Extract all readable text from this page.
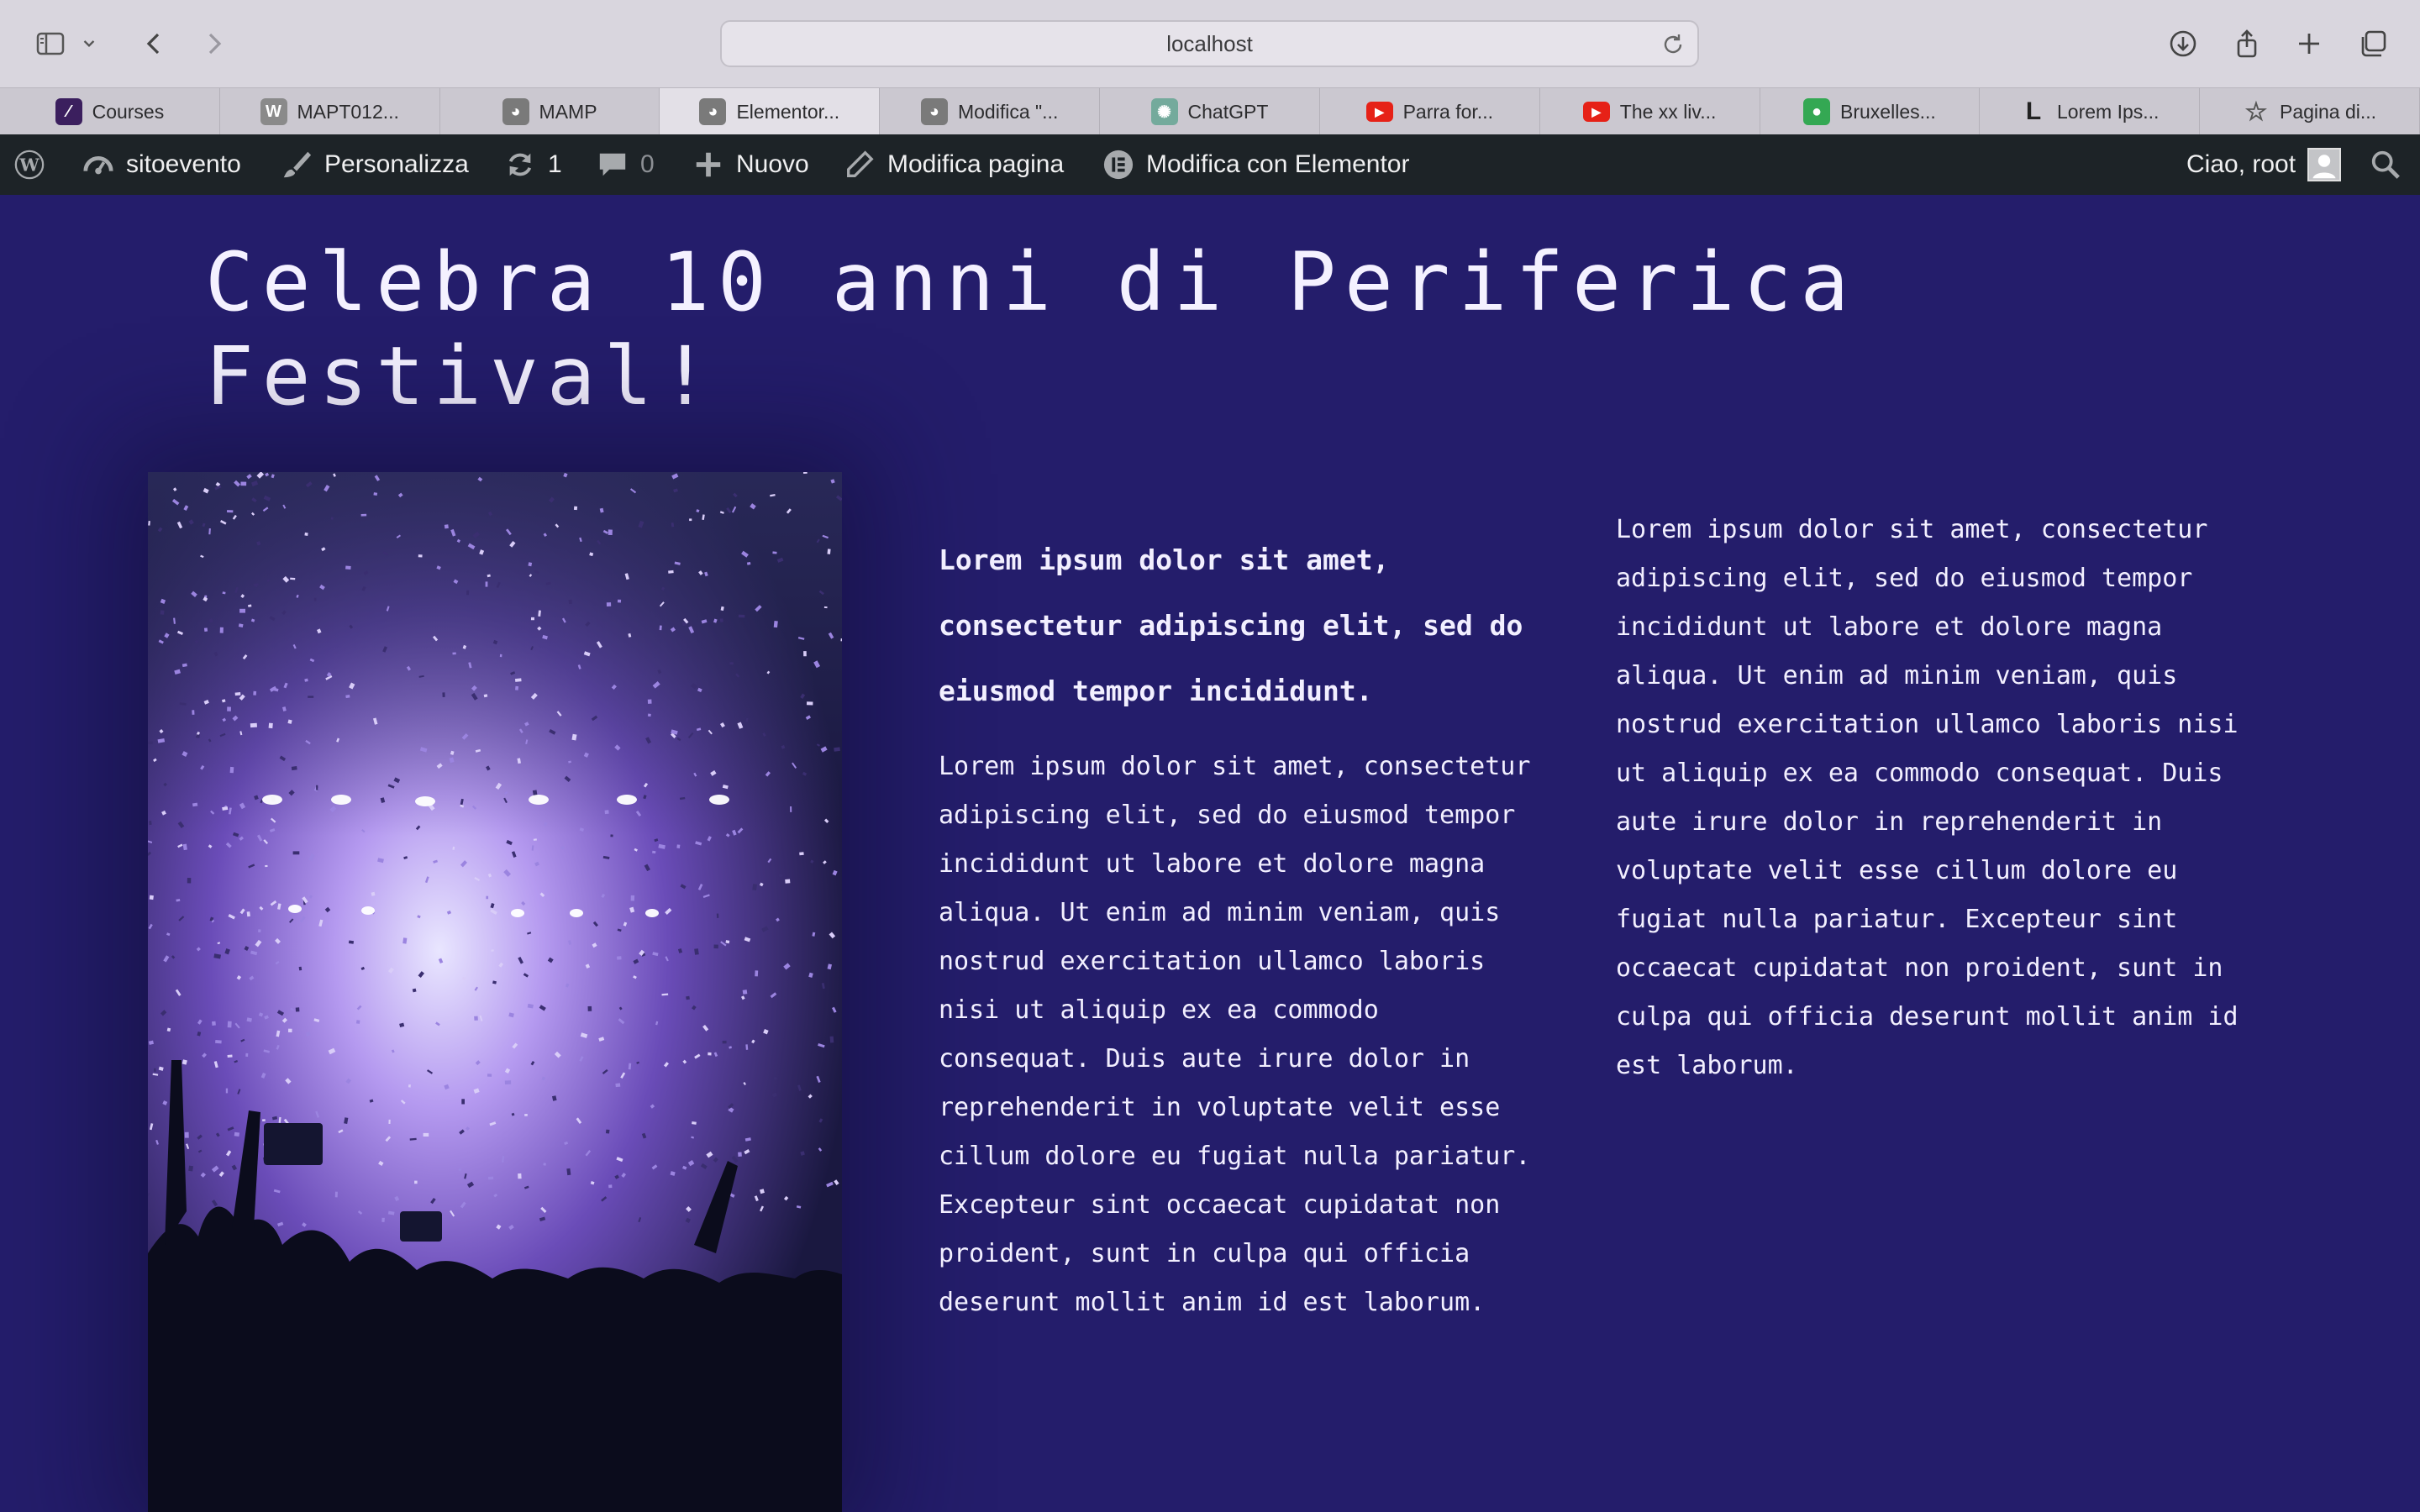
localhost
⁄	Courses	W MAPT012...	◕ MAMP	◕ Elementor...	◕ Modifica "...	✺ ChatGPT	▶ Parra for...	▶ The xx liv...	● Bruxelles...	L Lorem Ips...	☆ Pagina di...
W	sitoevento	Personalizza	1	0	Nuovo	Modifica pagina	Modifica con Elementor	Ciao, root
Celebra 10 anni di Periferica
Festival!

Lorem ipsum dolor sit amet, consectetur adipiscing elit, sed do eiusmod tempor incididunt.

Lorem ipsum dolor sit amet, consectetur adipiscing elit, sed do eiusmod tempor incididunt ut labore et dolore magna aliqua. Ut enim ad minim veniam, quis nostrud exercitation ullamco laboris nisi ut aliquip ex ea commodo consequat. Duis aute irure dolor in reprehenderit in voluptate velit esse cillum dolore eu fugiat nulla pariatur. Excepteur sint occaecat cupidatat non proident, sunt in culpa qui officia deserunt mollit anim id est laborum.

Lorem ipsum dolor sit amet, consectetur adipiscing elit, sed do eiusmod tempor incididunt ut labore et dolore magna aliqua. Ut enim ad minim veniam, quis nostrud exercitation ullamco laboris nisi ut aliquip ex ea commodo consequat. Duis aute irure dolor in reprehenderit in voluptate velit esse cillum dolore eu fugiat nulla pariatur. Excepteur sint occaecat cupidatat non proident, sunt in culpa qui officia deserunt mollit anim id est laborum.
